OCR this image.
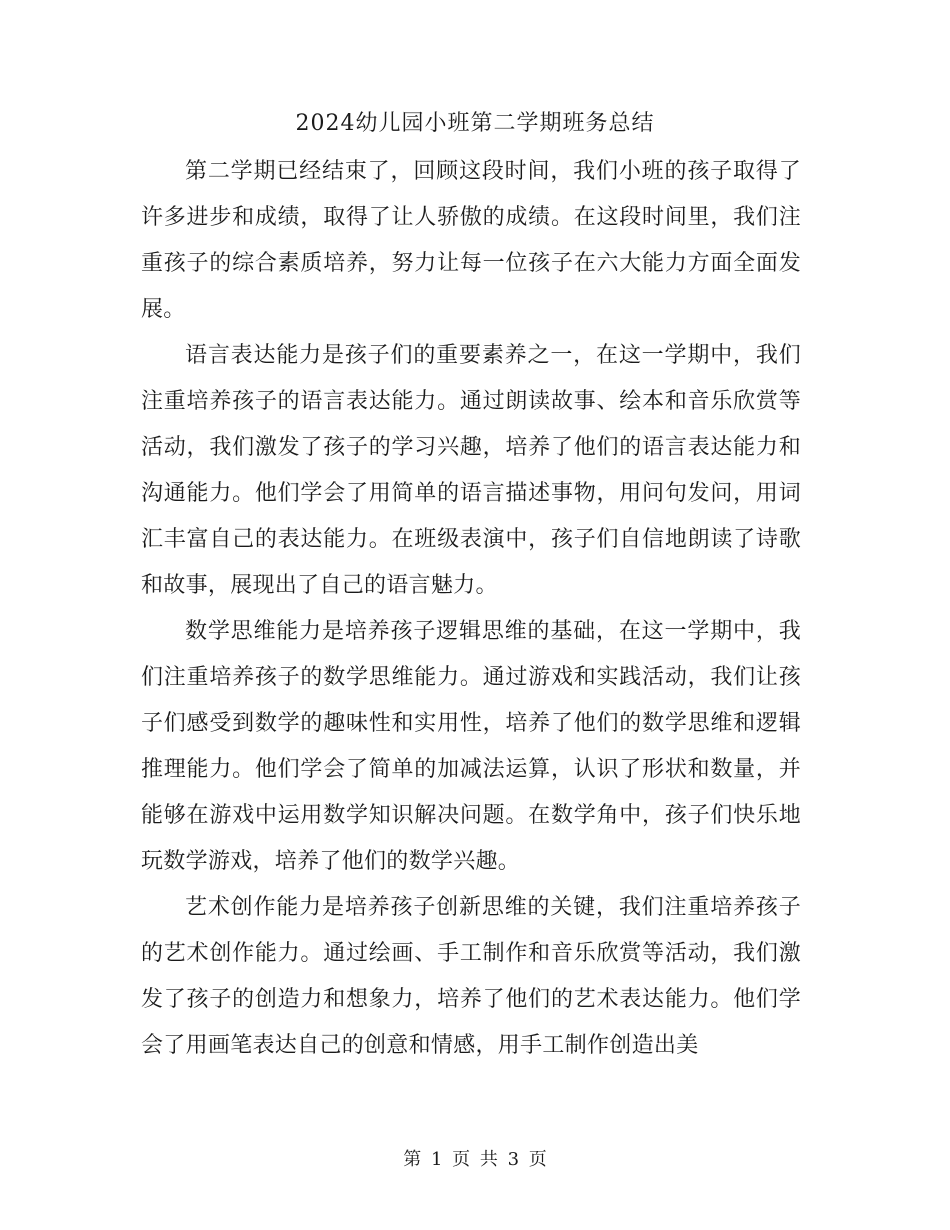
2024幼儿园小班第二学期班务总结

第二学期已经结束了，回顾这段时间，我们小班的孩子取得了许多进步和成绩，取得了让人骄傲的成绩。在这段时间里，我们注重孩子的综合素质培养，努力让每一位孩子在六大能力方面全面发展。

语言表达能力是孩子们的重要素养之一，在这一学期中，我们注重培养孩子的语言表达能力。通过朗读故事、绘本和音乐欣赏等活动，我们激发了孩子的学习兴趣，培养了他们的语言表达能力和沟通能力。他们学会了用简单的语言描述事物，用问句发问，用词汇丰富自己的表达能力。在班级表演中，孩子们自信地朗读了诗歌和故事，展现出了自己的语言魅力。

数学思维能力是培养孩子逻辑思维的基础，在这一学期中，我们注重培养孩子的数学思维能力。通过游戏和实践活动，我们让孩子们感受到数学的趣味性和实用性，培养了他们的数学思维和逻辑推理能力。他们学会了简单的加减法运算，认识了形状和数量，并能够在游戏中运用数学知识解决问题。在数学角中，孩子们快乐地玩数学游戏，培养了他们的数学兴趣。

艺术创作能力是培养孩子创新思维的关键，我们注重培养孩子的艺术创作能力。通过绘画、手工制作和音乐欣赏等活动，我们激发了孩子的创造力和想象力，培养了他们的艺术表达能力。他们学会了用画笔表达自己的创意和情感，用手工制作创造出美

第 1 页 共 3 页
